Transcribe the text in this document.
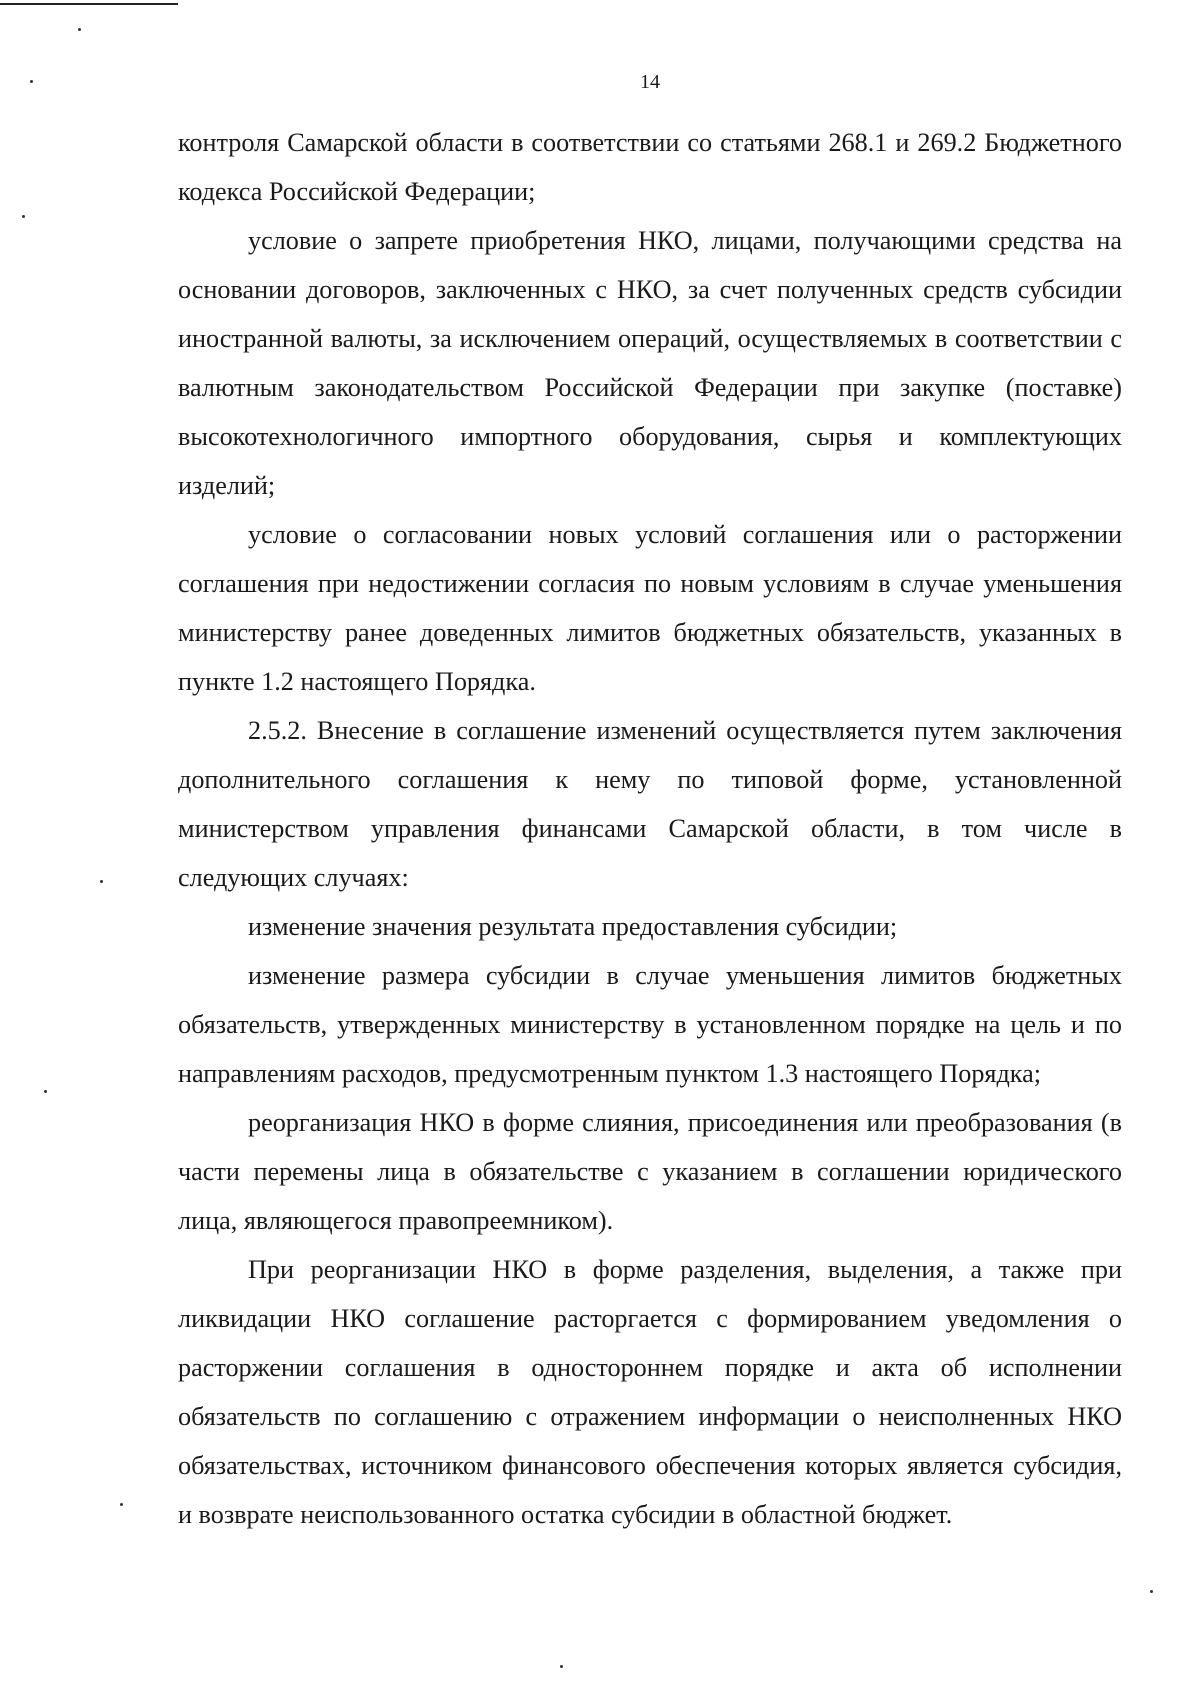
14

контроля Самарской области в соответствии со статьями 268.1 и 269.2 Бюджетного кодекса Российской Федерации;

условие о запрете приобретения НКО, лицами, получающими средства на основании договоров, заключенных с НКО, за счет полученных средств субсидии иностранной валюты, за исключением операций, осуществляемых в соответствии с валютным законодательством Российской Федерации при закупке (поставке) высокотехнологичного импортного оборудования, сырья и комплектующих изделий;

условие о согласовании новых условий соглашения или о расторжении соглашения при недостижении согласия по новым условиям в случае уменьшения министерству ранее доведенных лимитов бюджетных обязательств, указанных в пункте 1.2 настоящего Порядка.

2.5.2. Внесение в соглашение изменений осуществляется путем заключения дополнительного соглашения к нему по типовой форме, установленной министерством управления финансами Самарской области, в том числе в следующих случаях:

изменение значения результата предоставления субсидии;

изменение размера субсидии в случае уменьшения лимитов бюджетных обязательств, утвержденных министерству в установленном порядке на цель и по направлениям расходов, предусмотренным пунктом 1.3 настоящего Порядка;

реорганизация НКО в форме слияния, присоединения или преобразования (в части перемены лица в обязательстве с указанием в соглашении юридического лица, являющегося правопреемником).

При реорганизации НКО в форме разделения, выделения, а также при ликвидации НКО соглашение расторгается с формированием уведомления о расторжении соглашения в одностороннем порядке и акта об исполнении обязательств по соглашению с отражением информации о неисполненных НКО обязательствах, источником финансового обеспечения которых является субсидия, и возврате неиспользованного остатка субсидии в областной бюджет.
